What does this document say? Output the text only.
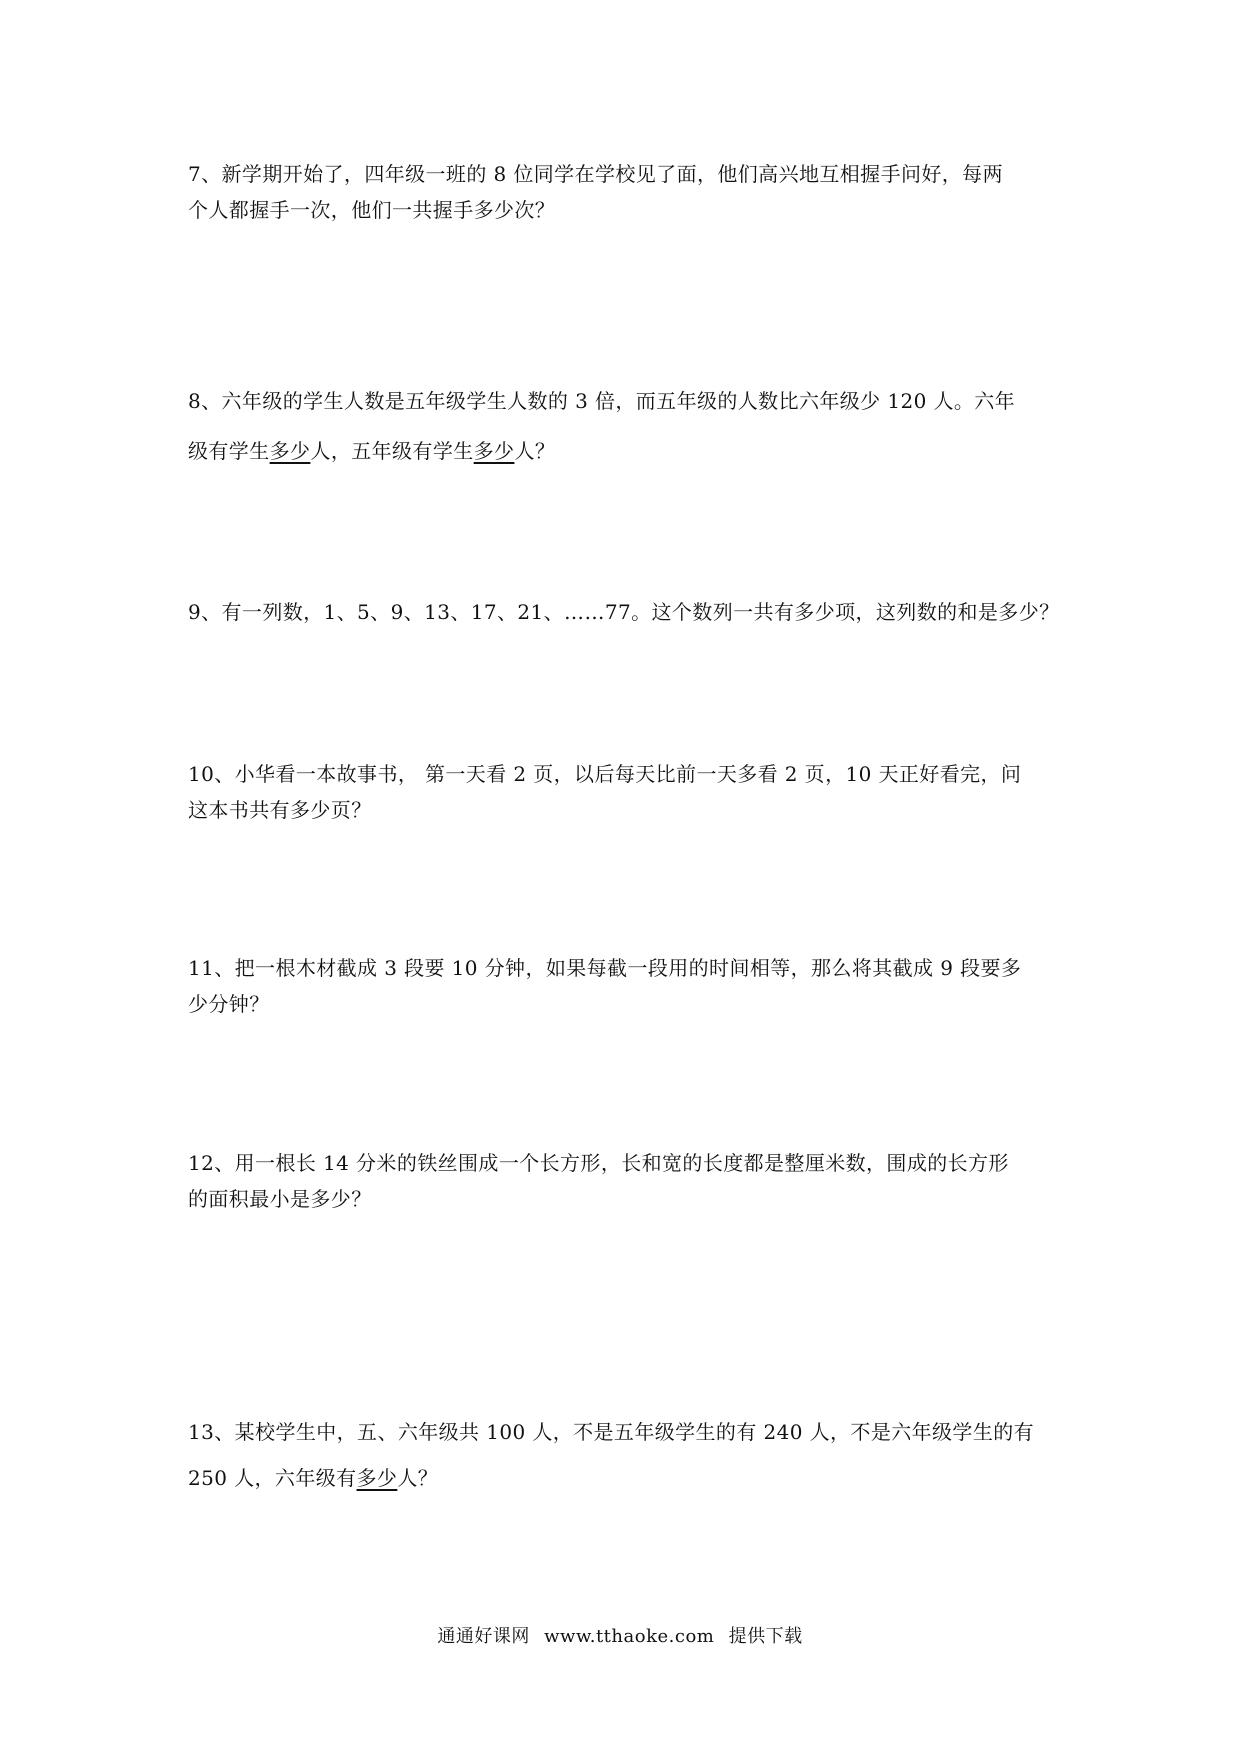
7、新学期开始了，四年级一班的 8 位同学在学校见了面，他们高兴地互相握手问好，每两
个人都握手一次，他们一共握手多少次？
8、六年级的学生人数是五年级学生人数的 3 倍，而五年级的人数比六年级少 120 人。六年
级有学生多少人，五年级有学生多少人？
9、有一列数，1、5、9、13、17、21、……77。这个数列一共有多少项，这列数的和是多少？
10、小华看一本故事书， 第一天看 2 页，以后每天比前一天多看 2 页，10 天正好看完，问
这本书共有多少页？
11、把一根木材截成 3 段要 10 分钟，如果每截一段用的时间相等，那么将其截成 9 段要多
少分钟？
12、用一根长 14 分米的铁丝围成一个长方形，长和宽的长度都是整厘米数，围成的长方形
的面积最小是多少？
13、某校学生中，五、六年级共 100 人，不是五年级学生的有 240 人，不是六年级学生的有
250 人，六年级有多少人？
通通好课网 www.tthaoke.com 提供下载
